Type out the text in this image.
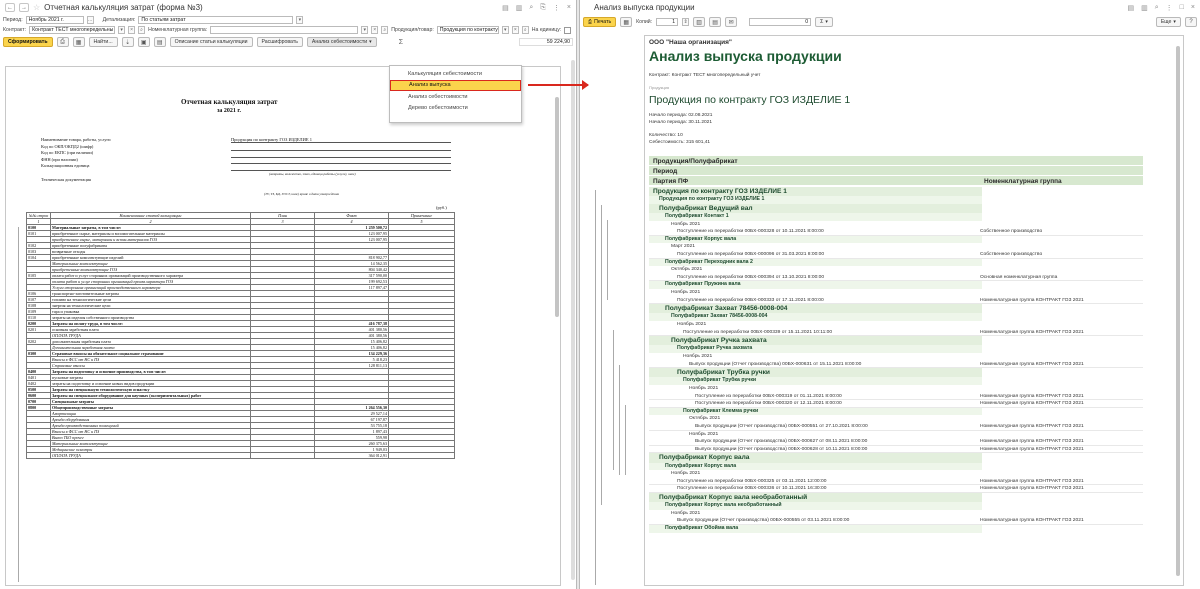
←	→ ☆ Отчетная калькуляция затрат (форма №3)	▤ ▥ ⌕ ⎘ ⋮ ×
Период:	Ноябрь 2021 г.	… Детализация:	По статьям затрат	▾
Контракт:	Контракт ТЕСТ многопередельны	▾	×	⌕ Номенклатурная группа:	▾	×	⌕ Продукция/товар:	Продукция по контракту	▾	×	⌕ На единицу:
Сформировать	⎙	▦	Найти...	⇣	▣	▤	Описание статьи калькуляции	Расшифровать	Анализ себестоимости ▾	Σ	59 224,90
Отчетная калькуляция затрат
за 2021 г.
Наименование товара, работы, услуги
Код по ОКП/ОКПД2 (шифр)
Код по ЕКПС (при наличии)
ФНН (при наличии)
Калькуляционная единица
Техническая документация
Продукция по контракту ГОЗ ИЗДЕЛИЕ 1
(затраты, количество, этап, единица работы (услуги), иное)
(ТУ, ТЗ, КД, ГОСТ, иное) кроме и дата утверждения
(руб.)
№№ строк	Наименование статей калькуляции	План	Факт	Примечание
1	2	3	4	5
0100	Материальные затраты, в том числе:		1 259 500,72	
0101	приобретенное сырье, материалы и вспомогательные материалы		123 007,95	
	приобретенное сырье, материалы и вспом.материалов ГОЗ		123 007,95	
0102	приобретенные полуфабрикаты			
0103	возвратные отходы			
0104	приобретенные комплектующие изделий		818 902,77	
	Материальные комплектующие		14 562,35	
	приобретенные комплектующие ГОЗ		804 340,42	
0105	оплата работ и услуг сторонних организаций производственного характера		317 590,00	
	оплата работ и услуг сторонних организаций произв.характера ГОЗ		199 692,53	
	Услуги сторонних организаций производственного характера		117 897,47	
0106	транспортно-заготовительные затраты			
0107	топливо на технологические цели			
0108	энергия на технологические цели			
0109	тара и упаковка			
0110	затраты на изделия собственного производства			
0200	Затраты на оплату труда, в том числе:		416 787,38	
0201	основная заработная плата		401 380,56	
	ОПЛАТА ТРУДА		401 380,56	
0202	дополнительная заработная плата		15 406,82	
	Дополнительная заработная плата		15 406,82	
0300	Страховые взносы на обязательное социальное страхование		134 229,36	
	Взносы в ФСС от НС и ПЗ		5 418,23	
	Страховые взносы		128 811,13	
0400	Затраты на подготовку и освоение производства, в том числе:			
0401	пусковые затраты			
0402	затраты на подготовку и освоение новых видов продукции			
0500	Затраты на специальную технологическую оснастку			
0600	Затраты на специальное оборудование для научных (экспериментальных) работ			
0700	Специальные затраты			
0800	Общепроизводственные затраты		1 264 556,30	
	Амортизация		29 527,14	
	Аренда оборудования		67 197,87	
	Аренда производственных помещений		53 755,18	
	Взносы в ФСС от НС и ПЗ		1 897,43	
	Вывоз ТБО прочее		559,98	
	Материальные комплектующие		260 375,63	
	Медицинские осмотры		1 949,03	
	ОПЛАТА ТРУДА		364 012,91	
Калькуляция себестоимости
Анализ выпуска
Анализ себестоимости
Дерево себестоимости
Анализ выпуска продукции	▤ ▥ ⌕ ⋮ □ ×
⎙ Печать	▦	Копий:	1	⇕	▥	▤	✉	0	Σ ▾	Еще ▾	?
ООО "Наша организация"
Анализ выпуска продукции
Контракт: Контракт ТЕСТ многопередельный учет
Продукция
Продукция по контракту ГОЗ ИЗДЕЛИЕ 1
Начало периода: 02.08.2021
Начало периода: 30.11.2021
Количество: 10
Себестоимость: 315 601,41
Продукция/Полуфабрикат
Период
Партия ПФ	Номенклатурная группа
Продукция по контракту ГОЗ ИЗДЕЛИЕ 1
Продукция по контракту ГОЗ ИЗДЕЛИЕ 1
Полуфабрикат Ведущий вал
Полуфабрикат Контакт 1
Ноябрь 2021
Поступление из переработки 00БХ-000328 от 10.11.2021 8:00:00	Собственное производство
Полуфабрикат Корпус вала
Март 2021
Поступление из переработки 00БХ-000096 от 31.03.2021 8:00:00	Собственное производство
Полуфабрикат Переходник вала 2
Октябрь 2021
Поступление из переработки 00БХ-000394 от 13.10.2021 8:00:00	Основная номенклатурная группа
Полуфабрикат Пружина вала
Ноябрь 2021
Поступление из переработки 00БХ-000333 от 17.11.2021 8:00:00	Номенклатурная группа КОНТРАКТ ГОЗ 2021
Полуфабрикат Захват 78456-0008-004
Полуфабрикат Захват 78456-0008-004
Ноябрь 2021
Поступление из переработки 00БХ-000339 от 15.11.2021 10:11:00	Номенклатурная группа КОНТРАКТ ГОЗ 2021
Полуфабрикат Ручка захвата
Полуфабрикат Ручка захвата
Ноябрь 2021
Выпуск продукции (Отчет производства) 00БХ-000631 от 15.11.2021 8:00:00	Номенклатурная группа КОНТРАКТ ГОЗ 2021
Полуфабрикат Трубка ручки
Полуфабрикат Трубка ручки
Ноябрь 2021
Поступление из переработки 00БХ-000319 от 01.11.2021 8:00:00	Номенклатурная группа КОНТРАКТ ГОЗ 2021
Поступление из переработки 00БХ-000320 от 12.11.2021 8:00:00	Номенклатурная группа КОНТРАКТ ГОЗ 2021
Полуфабрикат Клемма ручки
Октябрь 2021
Выпуск продукции (Отчет производства) 00БХ-000551 от 27.10.2021 8:00:00	Номенклатурная группа КОНТРАКТ ГОЗ 2021
Ноябрь 2021
Выпуск продукции (Отчет производства) 00БХ-000627 от 08.11.2021 8:00:00	Номенклатурная группа КОНТРАКТ ГОЗ 2021
Выпуск продукции (Отчет производства) 00БХ-000628 от 10.11.2021 8:00:00	Номенклатурная группа КОНТРАКТ ГОЗ 2021
Полуфабрикат Корпус вала
Полуфабрикат Корпус вала
Ноябрь 2021
Поступление из переработки 00БХ-000325 от 03.11.2021 12:00:00	Номенклатурная группа КОНТРАКТ ГОЗ 2021
Поступление из переработки 00БХ-000336 от 10.11.2021 16:30:00	Номенклатурная группа КОНТРАКТ ГОЗ 2021
Полуфабрикат Корпус вала необработанный
Полуфабрикат Корпус вала необработанный
Ноябрь 2021
Выпуск продукции (Отчет производства) 00БХ-000555 от 03.11.2021 8:00:00	Номенклатурная группа КОНТРАКТ ГОЗ 2021
Полуфабрикат Обойма вала
